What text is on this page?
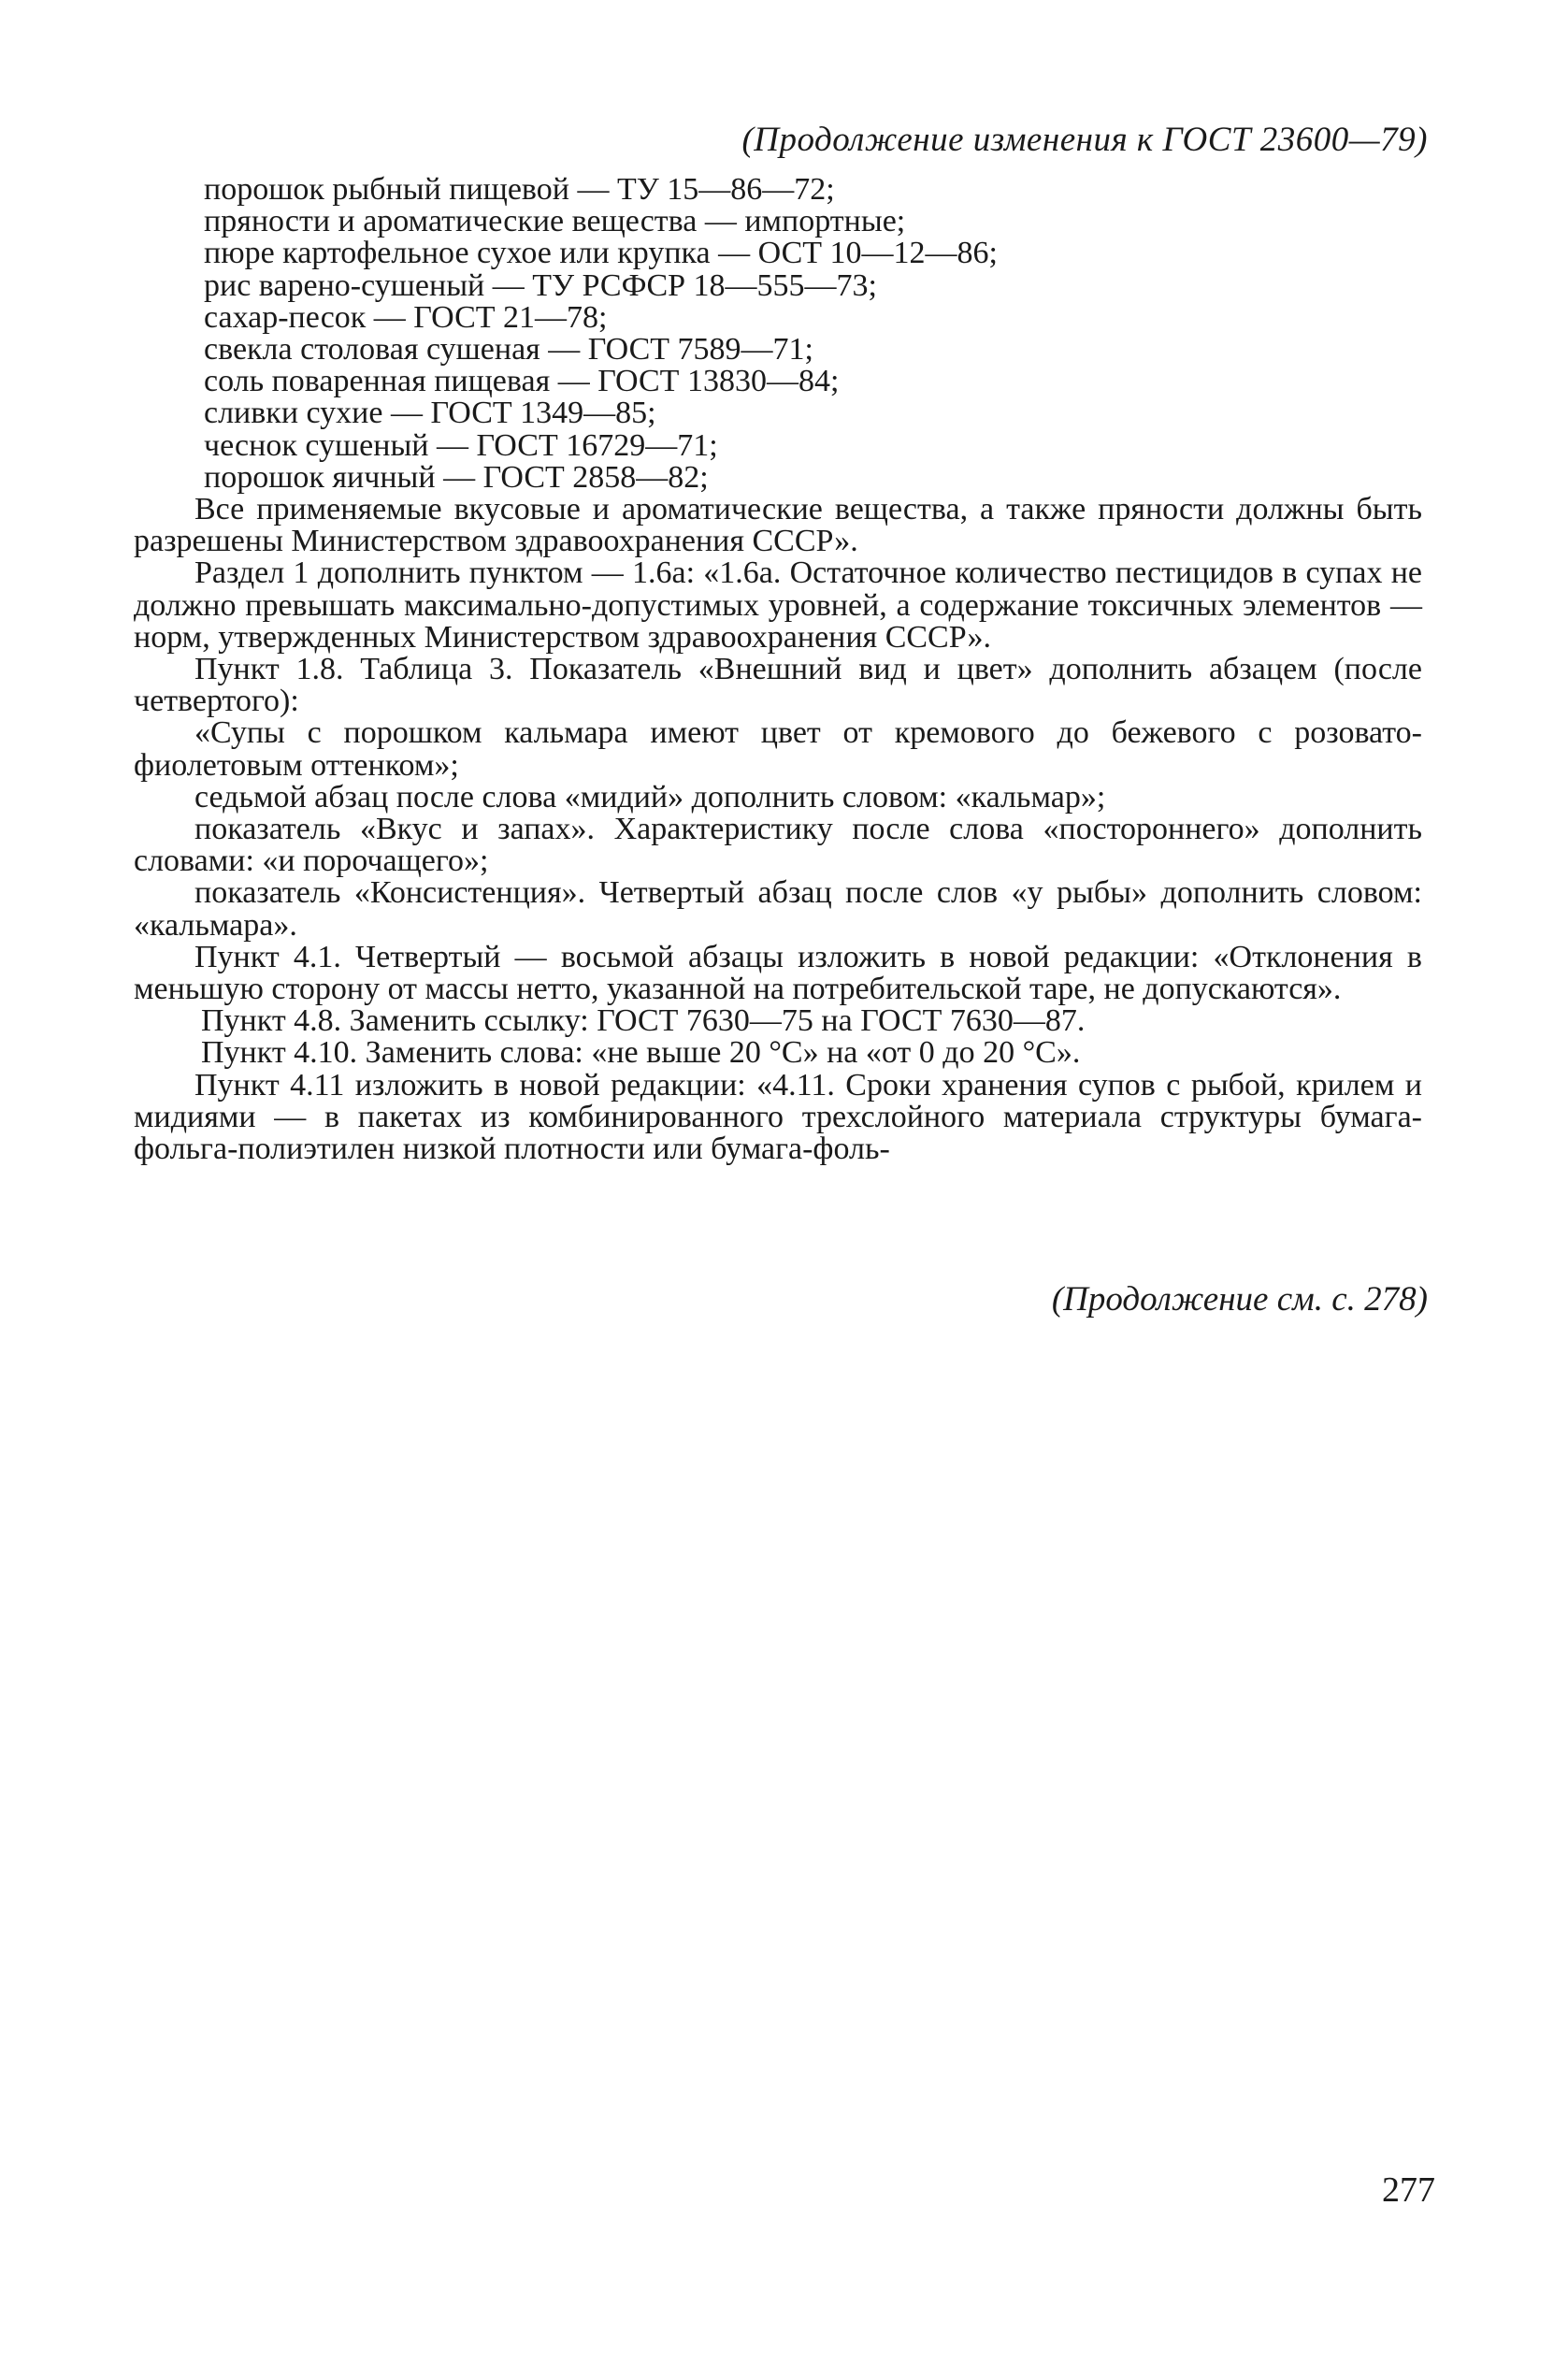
(Продолжение изменения к ГОСТ 23600—79)
порошок рыбный пищевой — ТУ 15—86—72;
пряности и ароматические вещества — импортные;
пюре картофельное сухое или крупка — ОСТ 10—12—86;
рис варено-сушеный — ТУ РСФСР 18—555—73;
сахар-песок — ГОСТ 21—78;
свекла столовая сушеная — ГОСТ 7589—71;
соль поваренная пищевая — ГОСТ 13830—84;
сливки сухие — ГОСТ 1349—85;
чеснок сушеный — ГОСТ 16729—71;
порошок яичный — ГОСТ 2858—82;

Все применяемые вкусовые и ароматические вещества, а также пряности должны быть разрешены Министерством здравоохранения СССР».

Раздел 1 дополнить пунктом — 1.6а: «1.6а. Остаточное количество пестицидов в супах не должно превышать максимально-допустимых уровней, а содержание токсичных элементов — норм, утвержденных Министерством здравоохранения СССР».

Пункт 1.8. Таблица 3. Показатель «Внешний вид и цвет» дополнить абзацем (после четвертого):

«Супы с порошком кальмара имеют цвет от кремового до бежевого с розовато-фиолетовым оттенком»;

седьмой абзац после слова «мидий» дополнить словом: «кальмар»;

показатель «Вкус и запах». Характеристику после слова «постороннего» дополнить словами: «и порочащего»;

показатель «Консистенция». Четвертый абзац после слов «у рыбы» дополнить словом: «кальмара».

Пункт 4.1. Четвертый — восьмой абзацы изложить в новой редакции: «Отклонения в меньшую сторону от массы нетто, указанной на потребительской таре, не допускаются».

Пункт 4.8. Заменить ссылку: ГОСТ 7630—75 на ГОСТ 7630—87.

Пункт 4.10. Заменить слова: «не выше 20 °С» на «от 0 до 20 °С».

Пункт 4.11 изложить в новой редакции: «4.11. Сроки хранения супов с рыбой, крилем и мидиями — в пакетах из комбинированного трехслойного материала структуры бумага-фольга-полиэтилен низкой плотности или бумага-фоль-

(Продолжение см. с. 278)
277
